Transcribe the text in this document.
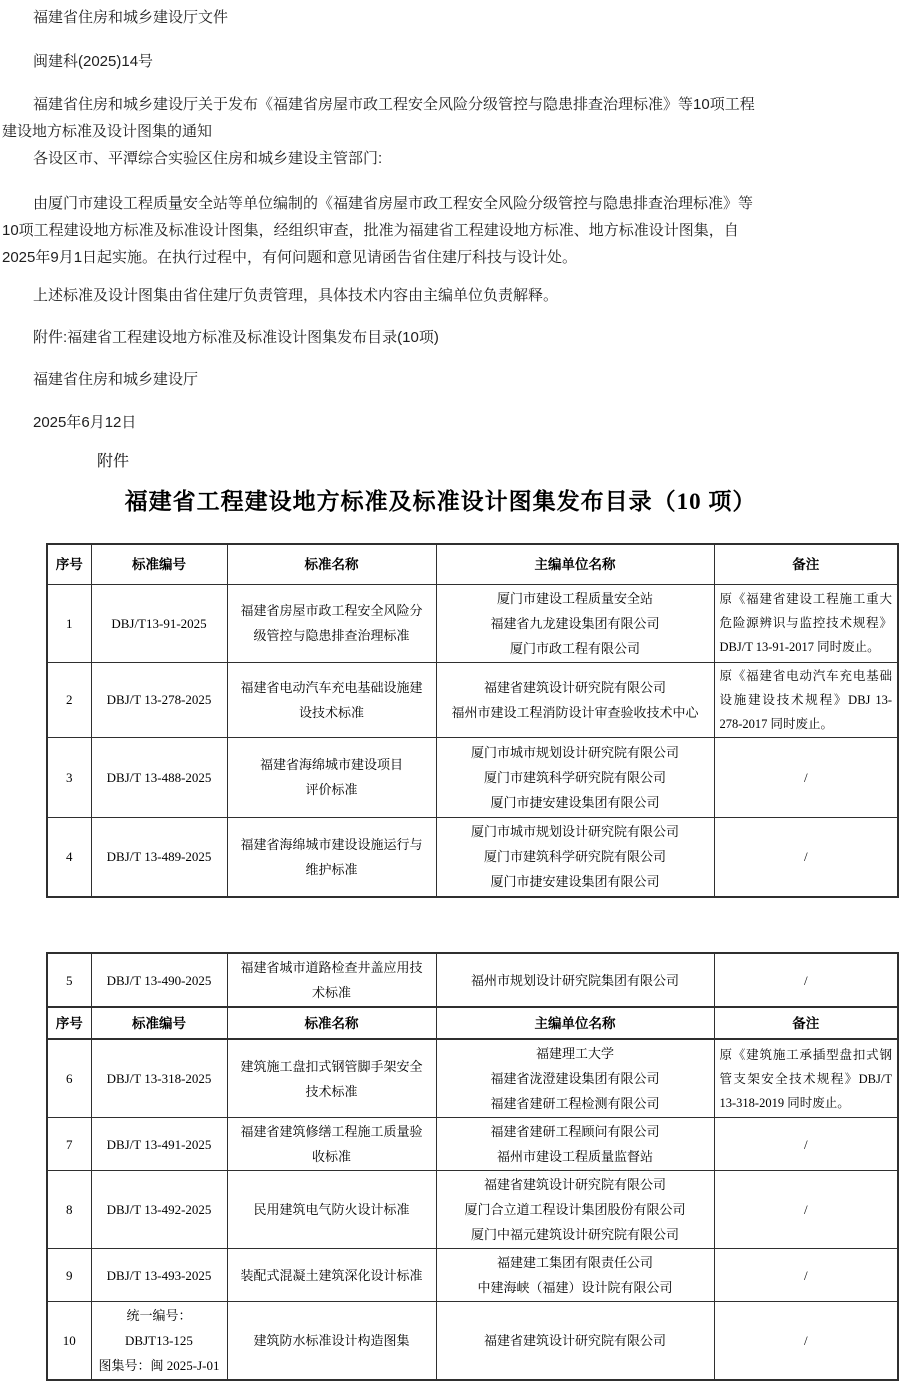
福建省住房和城乡建设厅文件
闽建科(2025)14号
福建省住房和城乡建设厅关于发布《福建省房屋市政工程安全风险分级管控与隐患排查治理标准》等10项工程
建设地方标准及设计图集的通知
各设区市、平潭综合实验区住房和城乡建设主管部门:
由厦门市建设工程质量安全站等单位编制的《福建省房屋市政工程安全风险分级管控与隐患排查治理标准》等
10项工程建设地方标准及标准设计图集，经组织审查，批准为福建省工程建设地方标准、地方标准设计图集，自
2025年9月1日起实施。在执行过程中，有何问题和意见请函告省住建厅科技与设计处。
上述标准及设计图集由省住建厅负责管理，具体技术内容由主编单位负责解释。
附件:福建省工程建设地方标准及标准设计图集发布目录(10项)
福建省住房和城乡建设厅
2025年6月12日
附件
福建省工程建设地方标准及标准设计图集发布目录（10 项）
序号	标准编号	标准名称	主编单位名称	备注
1	DBJ/T13-91-2025	福建省房屋市政工程安全风险分
级管控与隐患排查治理标准	厦门市建设工程质量安全站
福建省九龙建设集团有限公司
厦门市政工程有限公司	原《福建省建设工程施工重大危险源辨识与监控技术规程》DBJ/T 13-91-2017 同时废止。
2	DBJ/T 13-278-2025	福建省电动汽车充电基础设施建
设技术标准	福建省建筑设计研究院有限公司
福州市建设工程消防设计审查验收技术中心	原《福建省电动汽车充电基础设施建设技术规程》DBJ 13-278-2017 同时废止。
3	DBJ/T 13-488-2025	福建省海绵城市建设项目
评价标准	厦门市城市规划设计研究院有限公司
厦门市建筑科学研究院有限公司
厦门市捷安建设集团有限公司	/
4	DBJ/T 13-489-2025	福建省海绵城市建设设施运行与
维护标准	厦门市城市规划设计研究院有限公司
厦门市建筑科学研究院有限公司
厦门市捷安建设集团有限公司	/
5	DBJ/T 13-490-2025	福建省城市道路检查井盖应用技
术标准	福州市规划设计研究院集团有限公司	/
序号	标准编号	标准名称	主编单位名称	备注
6	DBJ/T 13-318-2025	建筑施工盘扣式钢管脚手架安全
技术标准	福建理工大学
福建省泷澄建设集团有限公司
福建省建研工程检测有限公司	原《建筑施工承插型盘扣式钢管支架安全技术规程》DBJ/T 13-318-2019 同时废止。
7	DBJ/T 13-491-2025	福建省建筑修缮工程施工质量验
收标准	福建省建研工程顾问有限公司
福州市建设工程质量监督站	/
8	DBJ/T 13-492-2025	民用建筑电气防火设计标准	福建省建筑设计研究院有限公司
厦门合立道工程设计集团股份有限公司
厦门中福元建筑设计研究院有限公司	/
9	DBJ/T 13-493-2025	装配式混凝土建筑深化设计标准	福建建工集团有限责任公司
中建海峡（福建）设计院有限公司	/
10	统一编号：
DBJT13-125
图集号：闽 2025-J-01	建筑防水标准设计构造图集	福建省建筑设计研究院有限公司	/
